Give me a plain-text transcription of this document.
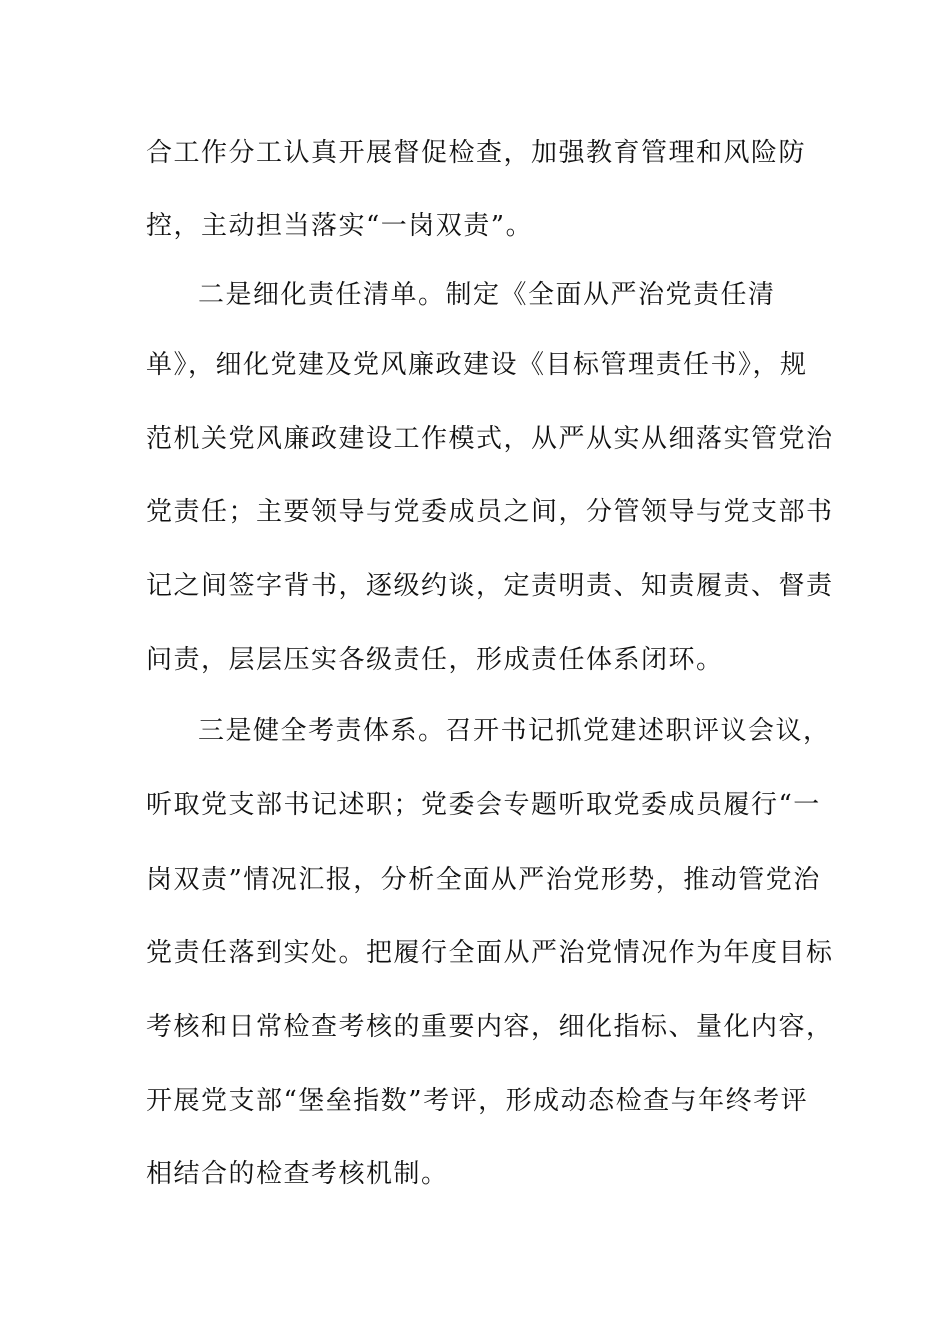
合工作分工认真开展督促检查，加强教育管理和风险防
控，主动担当落实“一岗双责”。
二是细化责任清单。制定《全面从严治党责任清
单》，细化党建及党风廉政建设《目标管理责任书》，规
范机关党风廉政建设工作模式，从严从实从细落实管党治
党责任；主要领导与党委成员之间，分管领导与党支部书
记之间签字背书，逐级约谈，定责明责、知责履责、督责
问责，层层压实各级责任，形成责任体系闭环。
三是健全考责体系。召开书记抓党建述职评议会议，
听取党支部书记述职；党委会专题听取党委成员履行“一
岗双责”情况汇报，分析全面从严治党形势，推动管党治
党责任落到实处。把履行全面从严治党情况作为年度目标
考核和日常检查考核的重要内容，细化指标、量化内容，
开展党支部“堡垒指数”考评，形成动态检查与年终考评
相结合的检查考核机制。
